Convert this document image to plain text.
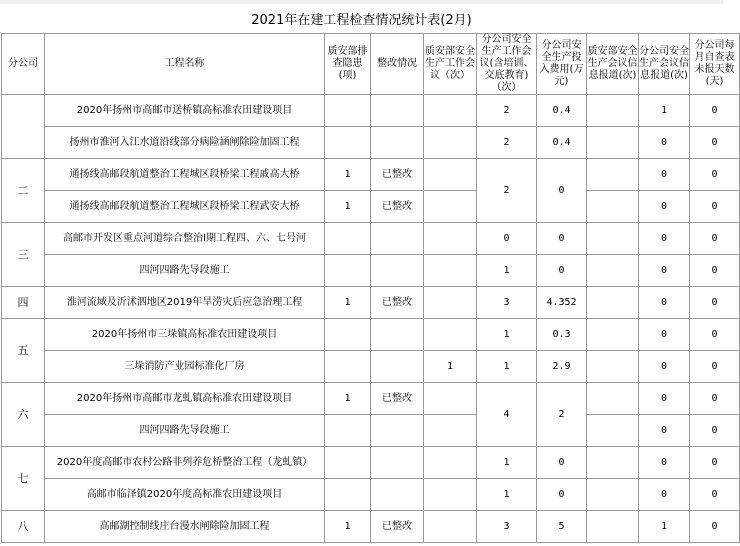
2021年在建工程检查情况统计表(2月)
分公司	工程名称	质安部排查隐患(项)	整改情况	质安部安全生产工作会议（次）	分公司安全生产工作会议(含培训、交底教育)（次）	分公司安全生产投入费用(万元)	质安部安全生产会议信息报道(次)	分公司安全生产会议信息报道(次)	分公司每月自查表未报天数(天)
	2020年扬州市高邮市送桥镇高标准农田建设项目				2	0.4		1	0
	扬州市淮河入江水道沿线部分病险涵闸除险加固工程				2	0.4		0	0
二	通扬线高邮段航道整治工程城区段桥梁工程戚高大桥	1	已整改		2	0		0	0
	通扬线高邮段航道整治工程城区段桥梁工程武安大桥	1	已整改					0	0
三	高邮市开发区重点河道综合整治I期工程四、六、七号河				0	0		0	0
	四河四路先导段施工				1	0		0	0
四	淮河流域及沂沭泗地区2019年旱涝灾后应急治理工程	1	已整改		3	4.352		0	0
五	2020年扬州市三垛镇高标准农田建设项目				1	0.3		0	0
	三垛消防产业园标准化厂房			1	1	2.9		0	0
六	2020年扬州市高邮市龙虬镇高标准农田建设项目	1	已整改		4	2		0	0
	四河四路先导段施工							0	0
七	2020年度高邮市农村公路非列养危桥整治工程（龙虬镇）				1	0		0	0
	高邮市临泽镇2020年度高标准农田建设项目				1	0		0	0
八	高邮湖控制线庄台漫水闸除险加固工程	1	已整改		3	5		1	0
